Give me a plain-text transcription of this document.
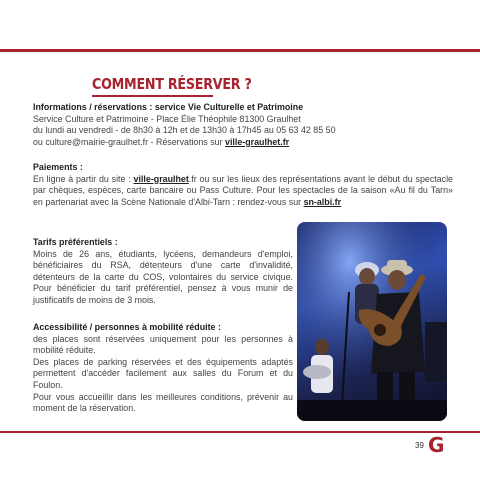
COMMENT RÉSERVER ?

Informations / réservations : service Vie Culturelle et Patrimoine

Service Culture et Patrimoine - Place Élie Théophile 81300 Graulhet

du lundi au vendredi - de 8h30 à 12h et de 13h30 à 17h45 au 05 63 42 85 50

ou culture@mairie-graulhet.fr - Réservations sur ville-graulhet.fr

Paiements :

En ligne à partir du site : ville-graulhet.fr ou sur les lieux des représentations avant le début du spectacle par chèques, espèces, carte bancaire ou Pass Culture. Pour les spectacles de la saison «Au fil du Tarn» en partenariat avec la Scène Nationale d'Albi-Tarn : rendez-vous sur sn-albi.fr

Tarifs préférentiels :

Moins de 26 ans, étudiants, lycéens, demandeurs d'emploi, bénéficiaires du RSA, détenteurs d'une carte d'invalidité, détenteurs de la carte du COS, volontaires du service civique. Pour bénéficier du tarif préférentiel, pensez à vous munir de justificatifs de moins de 3 mois.

Accessibilité / personnes à mobilité réduite :

des places sont réservées uniquement pour les personnes à mobilité réduite.

Des places de parking réservées et des équipements adaptés permettent d'accéder facilement aux salles du Forum et du Foulon.

Pour vous accueillir dans les meilleures conditions, prévenir au moment de la réservation.

39 G
